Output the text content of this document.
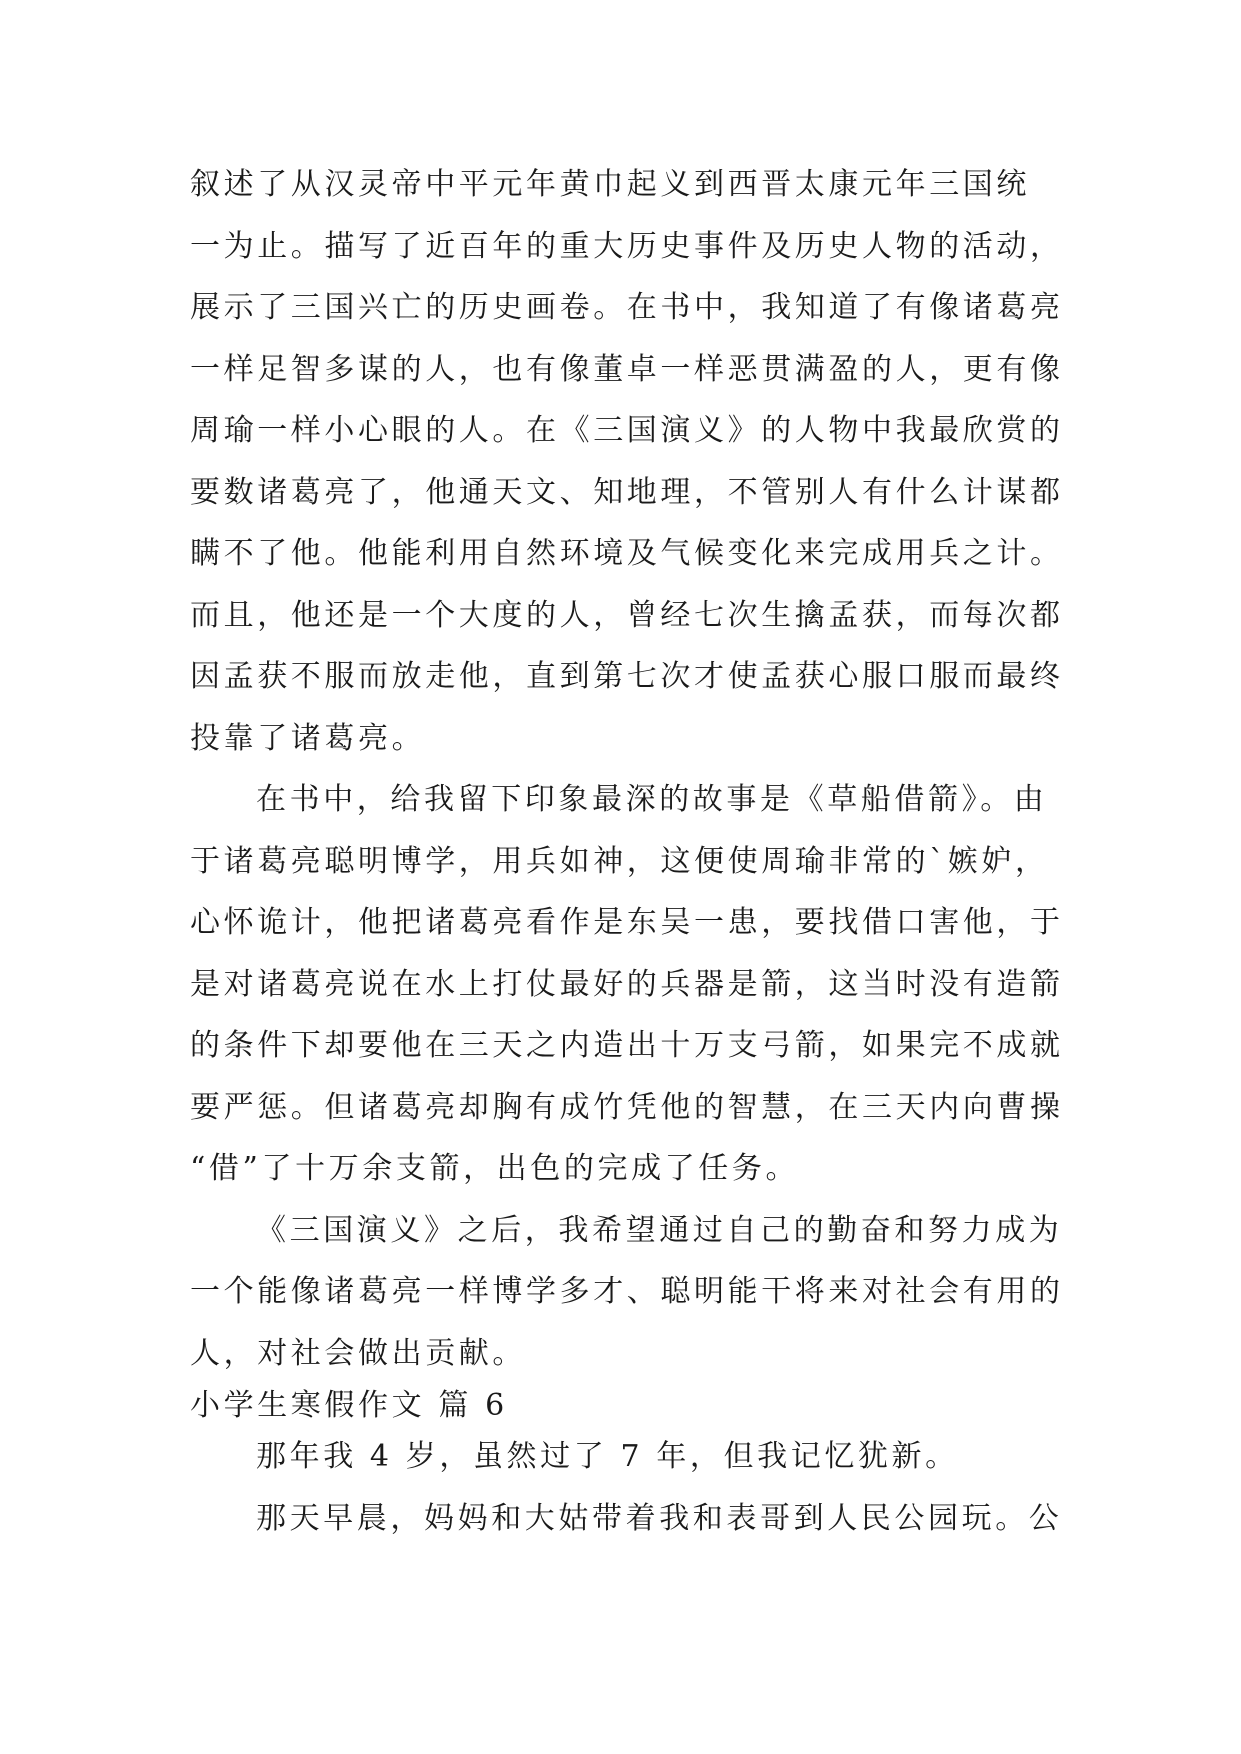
叙述了从汉灵帝中平元年黄巾起义到西晋太康元年三国统
一为止。描写了近百年的重大历史事件及历史人物的活动，
展示了三国兴亡的历史画卷。在书中，我知道了有像诸葛亮
一样足智多谋的人，也有像董卓一样恶贯满盈的人，更有像
周瑜一样小心眼的人。在《三国演义》的人物中我最欣赏的
要数诸葛亮了，他通天文、知地理，不管别人有什么计谋都
瞒不了他。他能利用自然环境及气候变化来完成用兵之计。
而且，他还是一个大度的人，曾经七次生擒孟获，而每次都
因孟获不服而放走他，直到第七次才使孟获心服口服而最终
投靠了诸葛亮。
在书中，给我留下印象最深的故事是《草船借箭》。由
于诸葛亮聪明博学，用兵如神，这便使周瑜非常的`嫉妒，
心怀诡计，他把诸葛亮看作是东吴一患，要找借口害他，于
是对诸葛亮说在水上打仗最好的兵器是箭，这当时没有造箭
的条件下却要他在三天之内造出十万支弓箭，如果完不成就
要严惩。但诸葛亮却胸有成竹凭他的智慧，在三天内向曹操
“借”了十万余支箭，出色的完成了任务。
《三国演义》之后，我希望通过自己的勤奋和努力成为
一个能像诸葛亮一样博学多才、聪明能干将来对社会有用的
人，对社会做出贡献。
小学生寒假作文 篇 6
那年我 4 岁，虽然过了 7 年，但我记忆犹新。
那天早晨，妈妈和大姑带着我和表哥到人民公园玩。公
